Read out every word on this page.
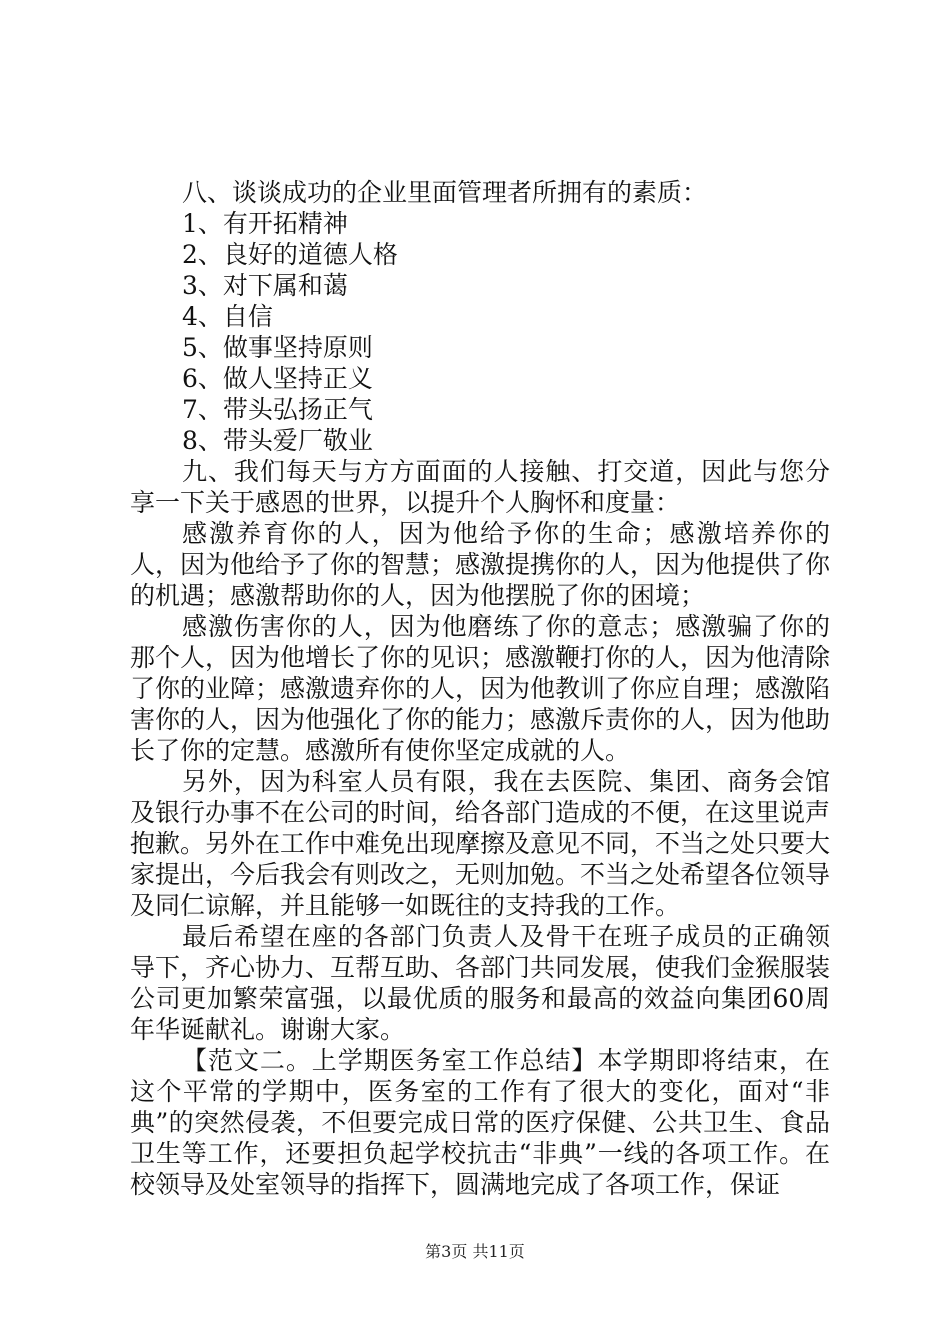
八、谈谈成功的企业里面管理者所拥有的素质：

1、有开拓精神

2、良好的道德人格

3、对下属和蔼

4、自信

5、做事坚持原则

6、做人坚持正义

7、带头弘扬正气

8、带头爱厂敬业

九、我们每天与方方面面的人接触、打交道，因此与您分享一下关于感恩的世界，以提升个人胸怀和度量：

感激养育你的人，因为他给予你的生命；感激培养你的人，因为他给予了你的智慧；感激提携你的人，因为他提供了你的机遇；感激帮助你的人，因为他摆脱了你的困境；

感激伤害你的人，因为他磨练了你的意志；感激骗了你的那个人，因为他增长了你的见识；感激鞭打你的人，因为他清除了你的业障；感激遗弃你的人，因为他教训了你应自理；感激陷害你的人，因为他强化了你的能力；感激斥责你的人，因为他助长了你的定慧。感激所有使你坚定成就的人。

另外，因为科室人员有限，我在去医院、集团、商务会馆及银行办事不在公司的时间，给各部门造成的不便，在这里说声抱歉。另外在工作中难免出现摩擦及意见不同，不当之处只要大家提出，今后我会有则改之，无则加勉。不当之处希望各位领导及同仁谅解，并且能够一如既往的支持我的工作。

最后希望在座的各部门负责人及骨干在班子成员的正确领导下，齐心协力、互帮互助、各部门共同发展，使我们金猴服装公司更加繁荣富强，以最优质的服务和最高的效益向集团60周年华诞献礼。谢谢大家。

【范文二。上学期医务室工作总结】本学期即将结束，在这个平常的学期中，医务室的工作有了很大的变化，面对“非典”的突然侵袭，不但要完成日常的医疗保健、公共卫生、食品卫生等工作，还要担负起学校抗击“非典”一线的各项工作。在校领导及处室领导的指挥下，圆满地完成了各项工作，保证

第3页 共11页
